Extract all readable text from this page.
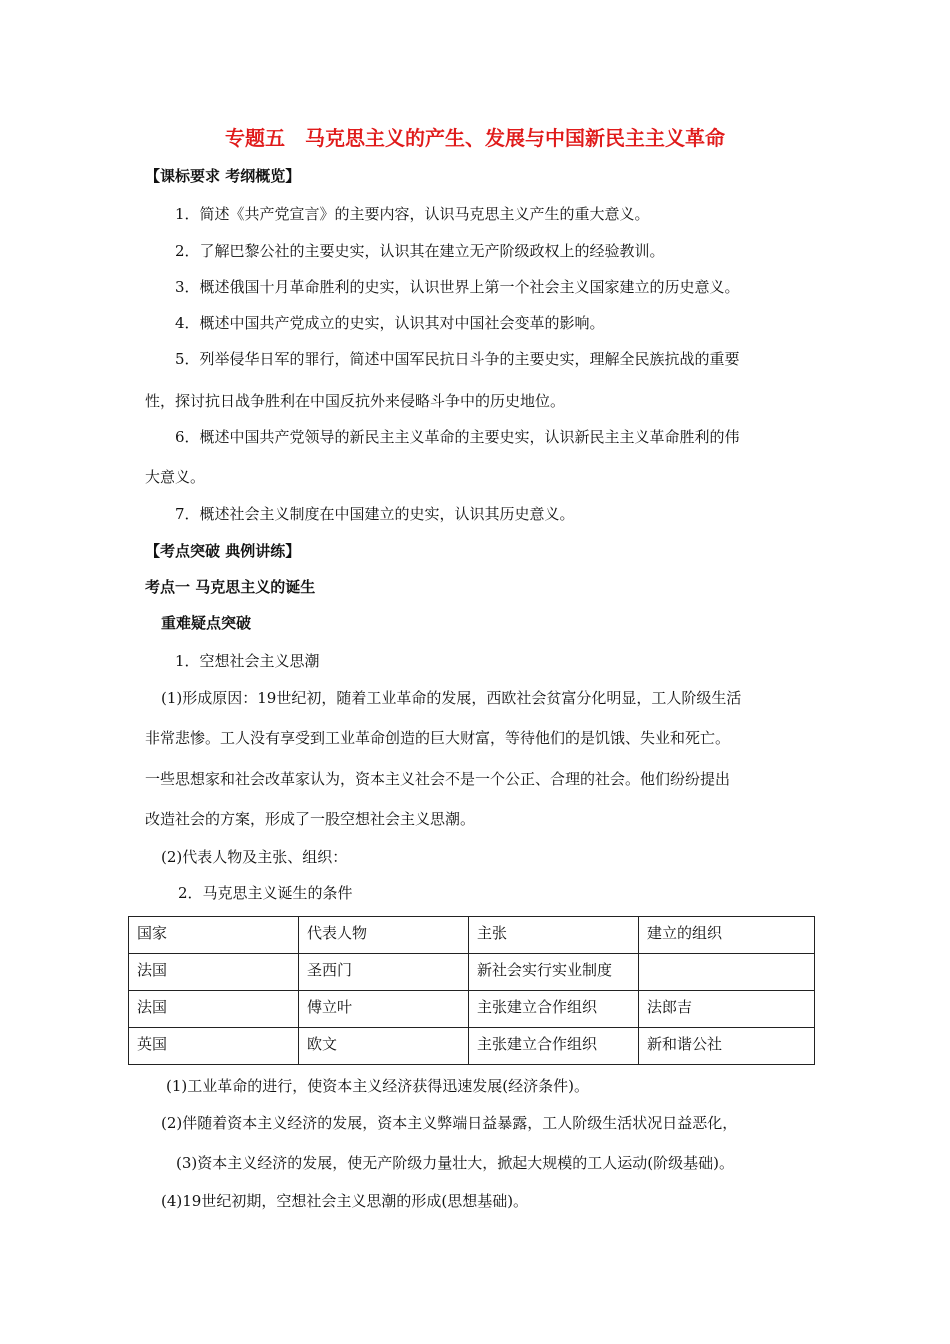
专题五　马克思主义的产生、发展与中国新民主主义革命
【课标要求 考纲概览】
1．简述《共产党宣言》的主要内容，认识马克思主义产生的重大意义。
2．了解巴黎公社的主要史实，认识其在建立无产阶级政权上的经验教训。
3．概述俄国十月革命胜利的史实，认识世界上第一个社会主义国家建立的历史意义。
4．概述中国共产党成立的史实，认识其对中国社会变革的影响。
5．列举侵华日军的罪行，简述中国军民抗日斗争的主要史实，理解全民族抗战的重要
性，探讨抗日战争胜利在中国反抗外来侵略斗争中的历史地位。
6．概述中国共产党领导的新民主主义革命的主要史实，认识新民主主义革命胜利的伟
大意义。
7．概述社会主义制度在中国建立的史实，认识其历史意义。
【考点突破 典例讲练】
考点一 马克思主义的诞生
重难疑点突破
1．空想社会主义思潮
(1)形成原因：19世纪初，随着工业革命的发展，西欧社会贫富分化明显，工人阶级生活
非常悲惨。工人没有享受到工业革命创造的巨大财富，等待他们的是饥饿、失业和死亡。
一些思想家和社会改革家认为，资本主义社会不是一个公正、合理的社会。他们纷纷提出
改造社会的方案，形成了一股空想社会主义思潮。
(2)代表人物及主张、组织：
2．马克思主义诞生的条件
国家	代表人物	主张	建立的组织
法国	圣西门	新社会实行实业制度	
法国	傅立叶	主张建立合作组织	法郎吉
英国	欧文	主张建立合作组织	新和谐公社
(1)工业革命的进行，使资本主义经济获得迅速发展(经济条件)。
(2)伴随着资本主义经济的发展，资本主义弊端日益暴露，工人阶级生活状况日益恶化，
(3)资本主义经济的发展，使无产阶级力量壮大，掀起大规模的工人运动(阶级基础)。
(4)19世纪初期，空想社会主义思潮的形成(思想基础)。
